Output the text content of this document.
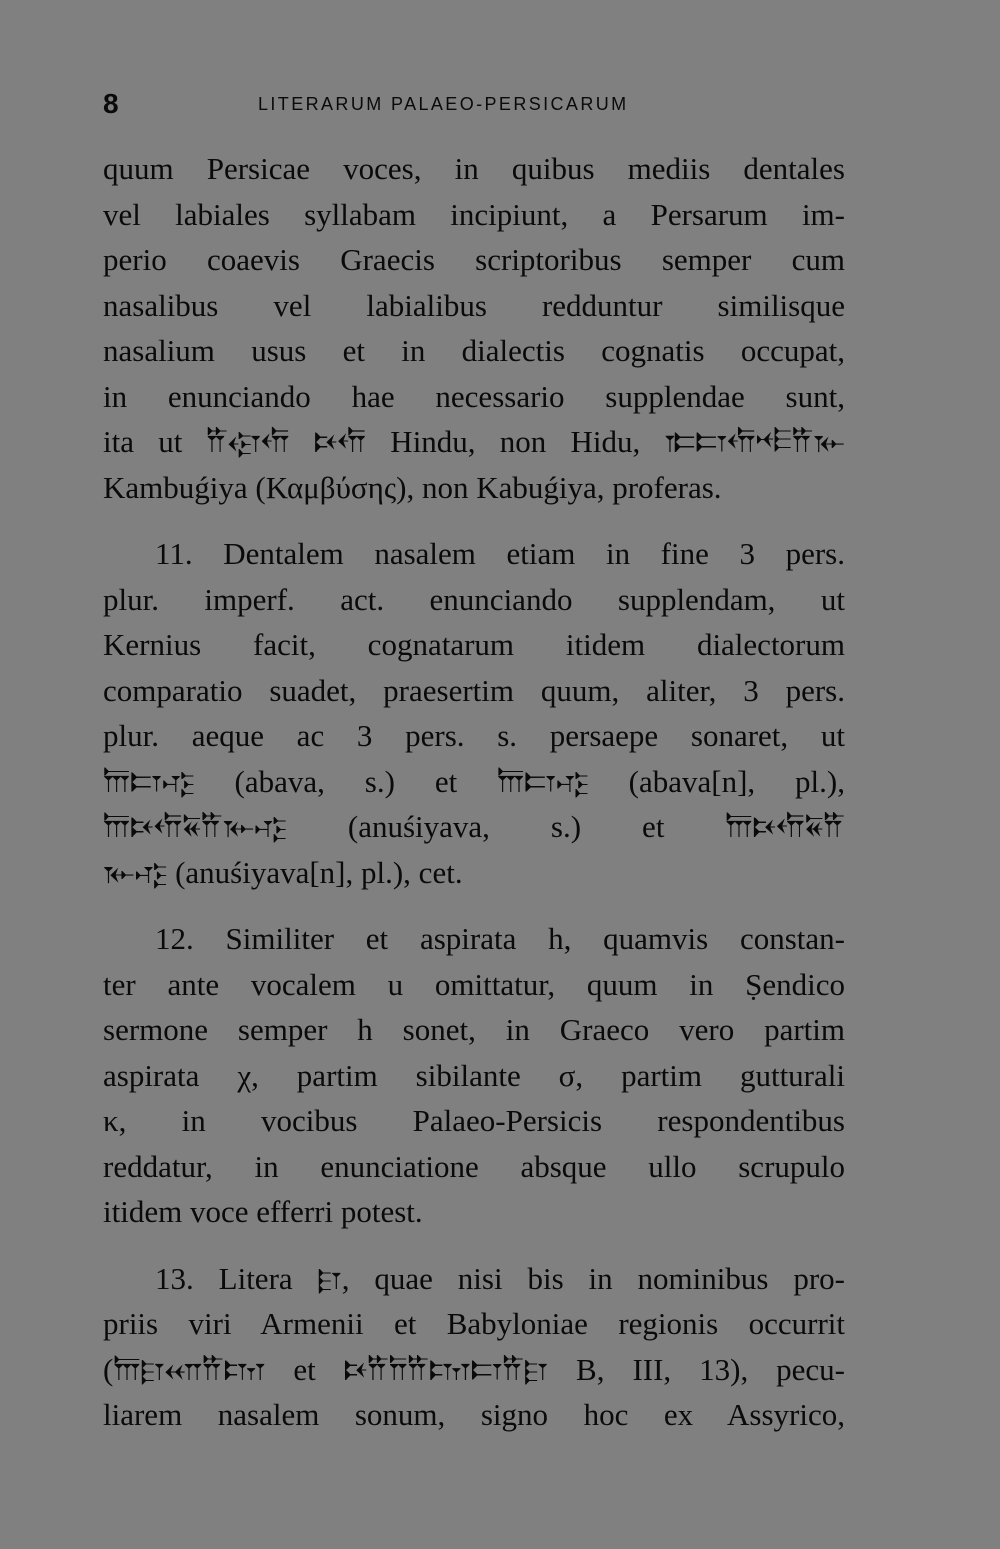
8	LITERARUM PALAEO-PERSICARUM
quum Persicae voces, in quibus mediis dentales
vel labiales syllabam incipiunt, a Persarum im-
perio coaevis Graecis scriptoribus semper cum
nasalibus vel labialibus redduntur similisque
nasalium usus et in dialectis cognatis occupat,
in enunciando hae necessario supplendae sunt,
ita ut 𐎡𐎯𐎢 𐎴𐎢 Hindu, non Hidu, 𐎣𐎲𐎢𐎪𐎡𐎹
Kambuǵiya (Καμβύσης), non Kabuǵiya, proferas.
11. Dentalem nasalem etiam in fine 3 pers.
plur. imperf. act. enunciando supplendam, ut
Kernius facit, cognatarum itidem dialectorum
comparatio suadet, praesertim quum, aliter, 3 pers.
plur. aeque ac 3 pers. s. persaepe sonaret, ut
𐎠𐎲𐎺 (abava, s.) et 𐎠𐎲𐎺 (abava[n], pl.),
𐎠𐎴𐎢𐏁𐎡𐎹𐎺 (anuśiyava, s.) et 𐎠𐎴𐎢𐏁𐎡
𐎹𐎺 (anuśiyava[n], pl.), cet.
12. Similiter et aspirata h, quamvis constan-
ter ante vocalem u omittatur, quum in Ṣendico
sermone semper h sonet, in Graeco vero partim
aspirata χ, partim sibilante σ, partim gutturali
κ, in vocibus Palaeo-Persicis respondentibus
reddatur, in enunciatione absque ullo scrupulo
itidem voce efferri potest.
13. Litera 𐎼, quae nisi bis in nominibus pro-
priis viri Armenii et Babyloniae regionis occurrit
(𐎠𐎼𐎧𐎡𐎫 et 𐎴𐎡𐎭𐎡𐎫𐎲𐎡𐎼 B, III, 13), pecu-
liarem nasalem sonum, signo hoc ex Assyrico,
